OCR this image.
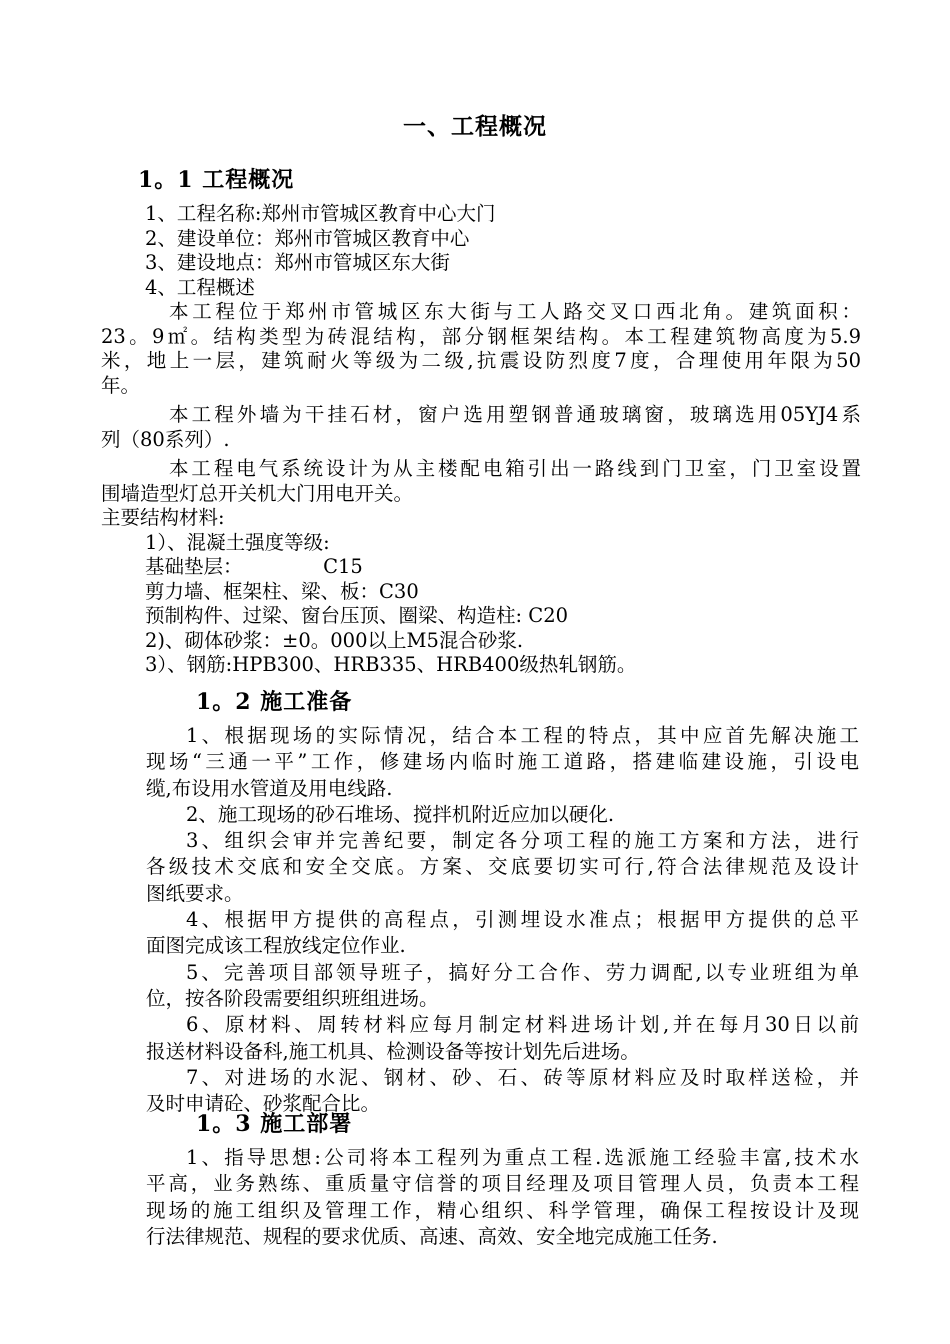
一、工程概况
1。1 工程概况
1、工程名称:郑州市管城区教育中心大门
2、建设单位：郑州市管城区教育中心
3、建设地点：郑州市管城区东大街
4、工程概述
本工程位于郑州市管城区东大街与工人路交叉口西北角。建筑面积：
23。9㎡。结构类型为砖混结构，部分钢框架结构。本工程建筑物高度为5.9
米，地上一层，建筑耐火等级为二级,抗震设防烈度7度，合理使用年限为50
年。
本工程外墙为干挂石材，窗户选用塑钢普通玻璃窗，玻璃选用05YJ4系
列（80系列）.
本工程电气系统设计为从主楼配电箱引出一路线到门卫室，门卫室设置
围墙造型灯总开关机大门用电开关。
主要结构材料:
1）、混凝土强度等级:
基础垫层：             C15
剪力墙、框架柱、梁、板：C30
预制构件、过梁、窗台压顶、圈梁、构造柱: C20
2)、砌体砂浆：±0。000以上M5混合砂浆.
3）、钢筋:HPB300、HRB335、HRB400级热轧钢筋。
1。2 施工准备
1、根据现场的实际情况，结合本工程的特点，其中应首先解决施工
现场“三通一平”工作，修建场内临时施工道路，搭建临建设施，引设电
缆,布设用水管道及用电线路.
2、施工现场的砂石堆场、搅拌机附近应加以硬化.
3、组织会审并完善纪要，制定各分项工程的施工方案和方法，进行
各级技术交底和安全交底。方案、交底要切实可行,符合法律规范及设计
图纸要求。
4、根据甲方提供的高程点，引测埋设水准点；根据甲方提供的总平
面图完成该工程放线定位作业.
5、完善项目部领导班子，搞好分工合作、劳力调配,以专业班组为单
位，按各阶段需要组织班组进场。
6、原材料、周转材料应每月制定材料进场计划,并在每月30日以前
报送材料设备科,施工机具、检测设备等按计划先后进场。
7、对进场的水泥、钢材、砂、石、砖等原材料应及时取样送检，并
及时申请砼、砂浆配合比。
1。3 施工部署
1、指导思想:公司将本工程列为重点工程.选派施工经验丰富,技术水
平高，业务熟练、重质量守信誉的项目经理及项目管理人员，负责本工程
现场的施工组织及管理工作，精心组织、科学管理，确保工程按设计及现
行法律规范、规程的要求优质、高速、高效、安全地完成施工任务.
